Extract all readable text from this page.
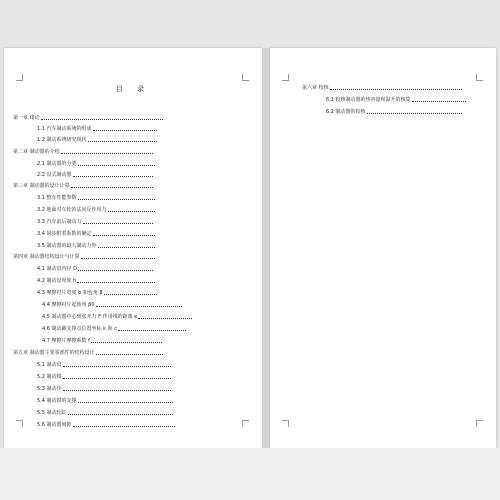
目 录
第一章 绪论
1.1 汽车制动系统的组成
1.2 制动系统研究现状
第二章 制动器的介绍
2.1 制动器的分类
2.2 盘式制动器
第三章 制动器的设计计算
3.1 整车性能参数
3.2 地面对车轮的法向反作用力
3.3 汽车前后制动力
3.4 同步附着系数的确定
3.5 制动器的最大制动力矩
第四章 制动器结构设计与计算
4.1 制动盘内径 D
4.2 制动盘厚度 h
4.3 摩擦衬片宽度 b 和包角 β
4.4 摩擦衬片起始角 β0
4.5 制动器中心到张开力 F 作用线的距离 e
4.6 制动蹄支撑点位置坐标 k 和 c
4.7 摩擦片摩擦系数 f
第五章 制动器主要零部件的结构设计
5.1 制动盘
5.2 制动钳
5.3 制动块
5.4 制动钳的支撑
5.5 制动轮缸
5.6 制动器间隙
第六章 校核
6.1 校核制动器的热容量和温升的核算
6.2 制动器的校核
